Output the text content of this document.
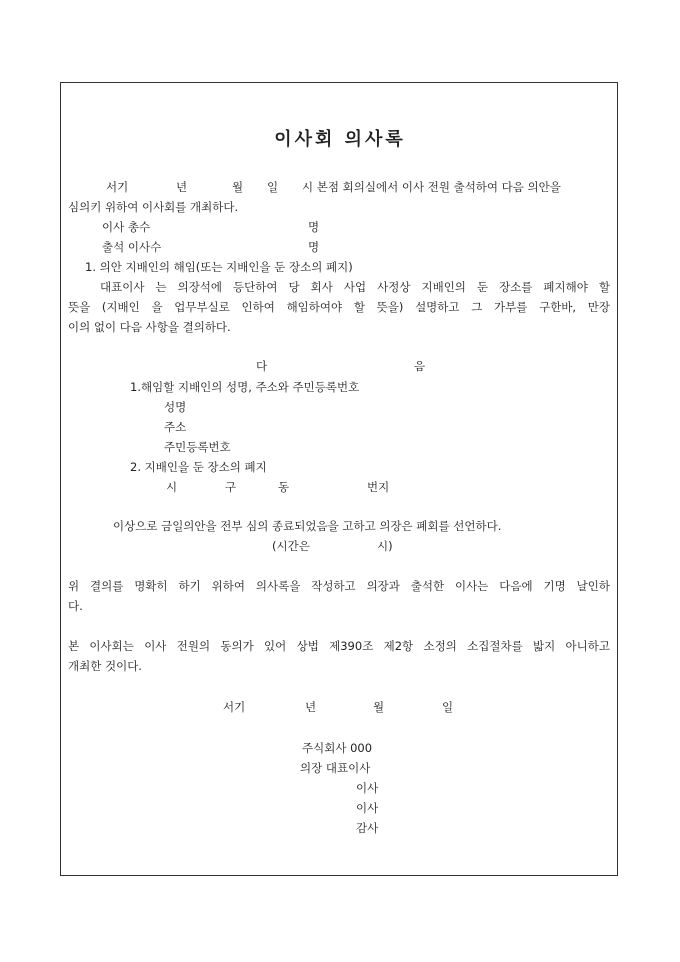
이사회 의사록
서기	년	월 일 시 본점 회의실에서 이사 전원 출석하여 다음 의안을
심의키 위하여 이사회를 개최하다.
이사 총수	명
출석 이사수	명
1. 의안 지배인의 해임(또는 지배인을 둔 장소의 폐지)
대표이사 는 의장석에 등단하여 당 회사 사업 사정상 지배인의 둔 장소를 폐지해야 할
뜻을 (지배인 을 업무부실로 인하여 해임하여야 할 뜻을) 설명하고 그 가부를 구한바, 만장
이의 없이 다음 사항을 결의하다.
다	음
1.해임할 지배인의 성명, 주소와 주민등록번호
성명
주소
주민등록번호
2. 지배인을 둔 장소의 폐지
시	구	동	번지
이상으로 금일의안을 전부 심의 종료되었음을 고하고 의장은 폐회를 선언하다.
(시간은	시)
위 결의를 명확히 하기 위하여 의사록을 작성하고 의장과 출석한 이사는 다음에 기명 날인하
다.
본 이사회는 이사 전원의 동의가 있어 상법 제390조 제2항 소정의 소집절차를 밟지 아니하고
개최한 것이다.
서기	년	월	일
주식회사 000
의장 대표이사
이사
이사
감사
